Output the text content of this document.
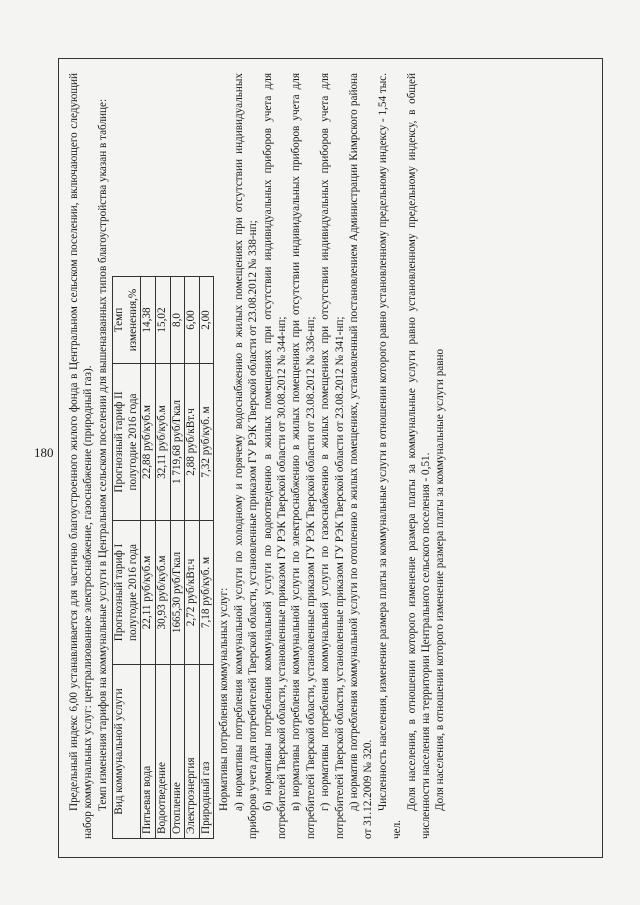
180 Предельный индекс 6,00 устанавливается для частично благоустроенного жилого фонда в Центральном сельском поселении, включающего следующий набор коммунальных услуг: централизованное электроснабжение, газоснабжение (природный газ). Темп изменения тарифов на коммунальные услуги в Центральном сельском поселении для вышеназванных типов благоустройства указан в таблице: Вид коммунальной услуги	Прогнозный тариф I полугодие 2016 года	Прогнозный тариф II полугодие 2016 года	Темп изменения,%
Питьевая вода	22,11 руб/куб.м	22,88 руб/куб.м	14,38
Водоотведение	30,93 руб/куб.м	32,11 руб/куб.м	15,02
Отопление	1665,30 руб/Гкал	1 719,68 руб/Гкал	8,0
Электроэнергия	2,72 руб/кВт.ч	2,88 руб/кВт.ч	6,00
Природный газ	7,18 руб/куб. м	7,32 руб/куб. м	2,00

Нормативы потребления коммунальных услуг: а) нормативы потребления коммунальной услуги по холодному и горячему водоснабжению в жилых помещениях при отсутствии индивидуальных приборов учета для потребителей Тверской области, установленные приказом ГУ РЭК Тверской области от 23.08.2012 № 338-нп; б) нормативы потребления коммунальной услуги по водоотведению в жилых помещениях при отсутствии индивидуальных приборов учета для потребителей Тверской области, установленные приказом ГУ РЭК Тверской области от 30.08.2012 № 344-нп; в) нормативы потребления коммунальной услуги по электроснабжению в жилых помещениях при отсутствии индивидуальных приборов учета для потребителей Тверской области, установленные приказом ГУ РЭК Тверской области от 23.08.2012 № 336-нп; г) нормативы потребления коммунальной услуги по газоснабжению в жилых помещениях при отсутствии индивидуальных приборов учета для потребителей Тверской области, установленные приказом ГУ РЭК Тверской области от 23.08.2012 № 341-нп; д) норматив потребления коммунальной услуги по отоплению в жилых помещениях, установленный постановлением Администрации Кимрского района от 31.12.2009 № 320. Численность населения, изменение размера платы за коммунальные услуги в отношении которого равно установленному предельному индексу - 1,54 тыс. чел.

Доля населения, в отношении которого изменение размера платы за коммунальные услуги равно установленному предельному индексу, в общей численности населения на территории Центрального сельского поселения - 0,51. Доля населения, в отношении которого изменение размера платы за коммунальные услуги равно
